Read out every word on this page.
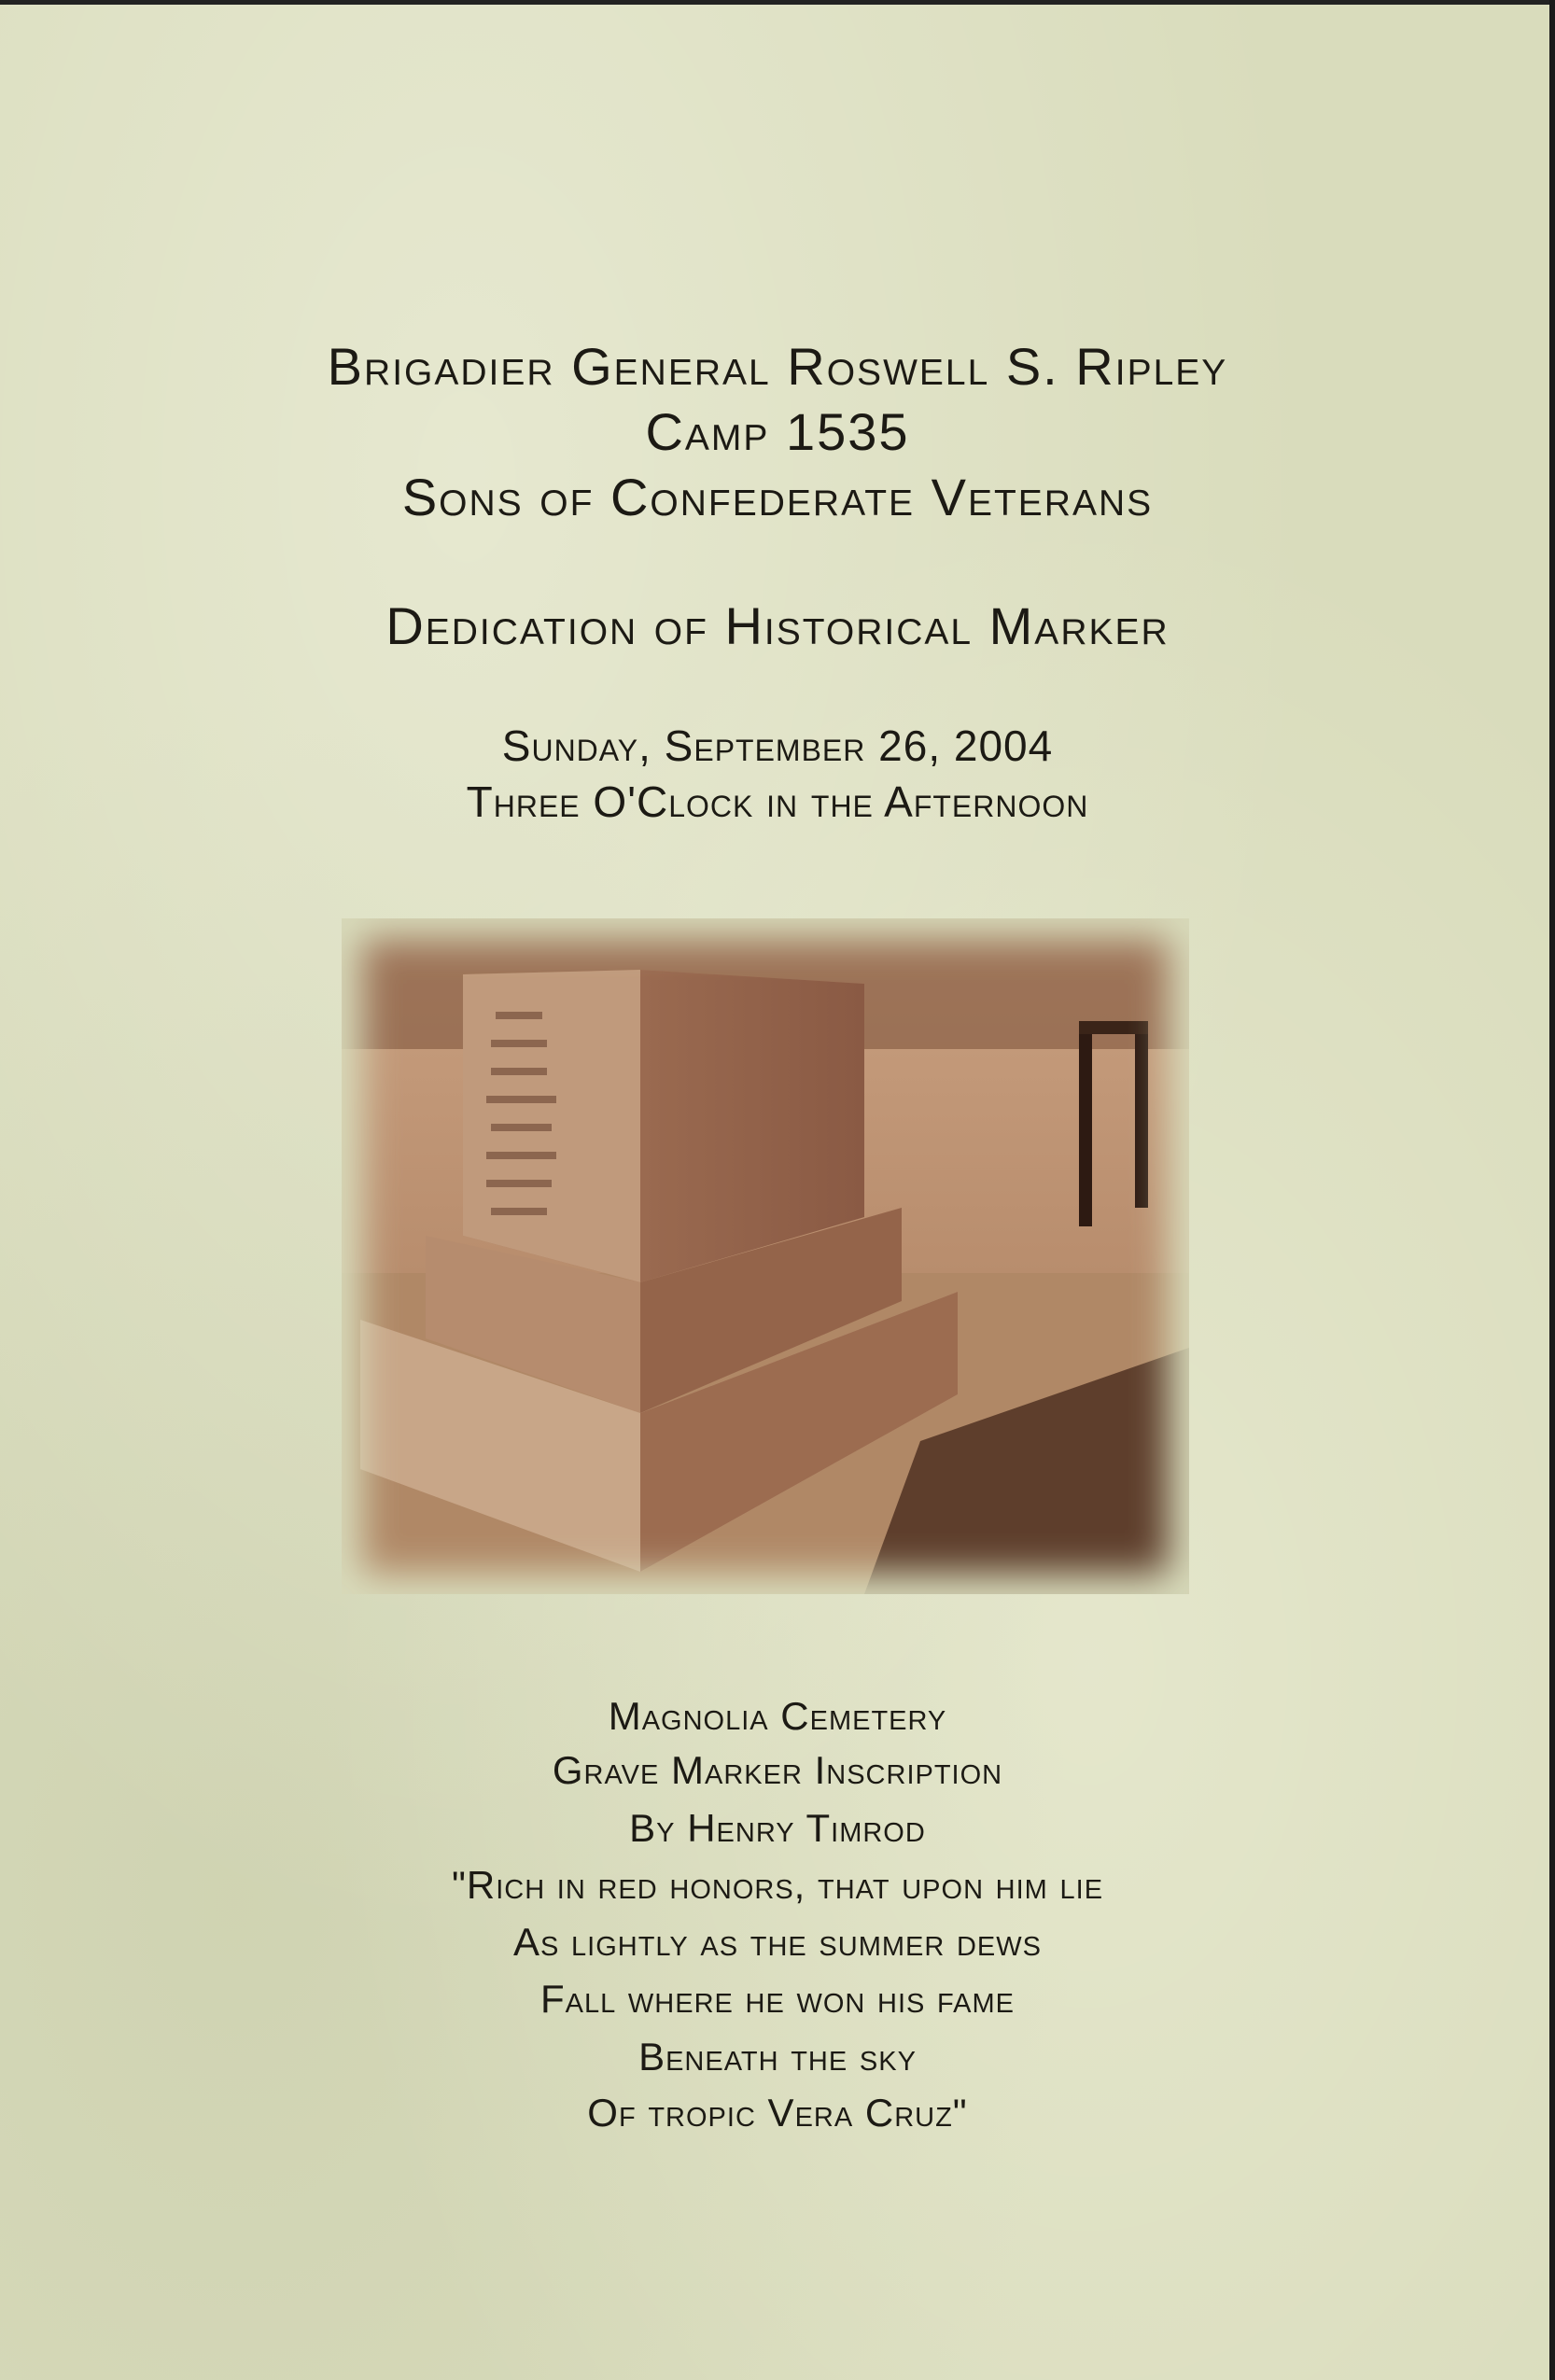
Brigadier General Roswell S. Ripley
Camp 1535
Sons of Confederate Veterans
Dedication of Historical Marker
Sunday, September 26, 2004
Three O'Clock in the Afternoon
Magnolia Cemetery
Grave Marker Inscription
By Henry Timrod
"Rich in red honors, that upon him lie
As lightly as the summer dews
Fall where he won his fame
Beneath the sky
Of tropic Vera Cruz"
